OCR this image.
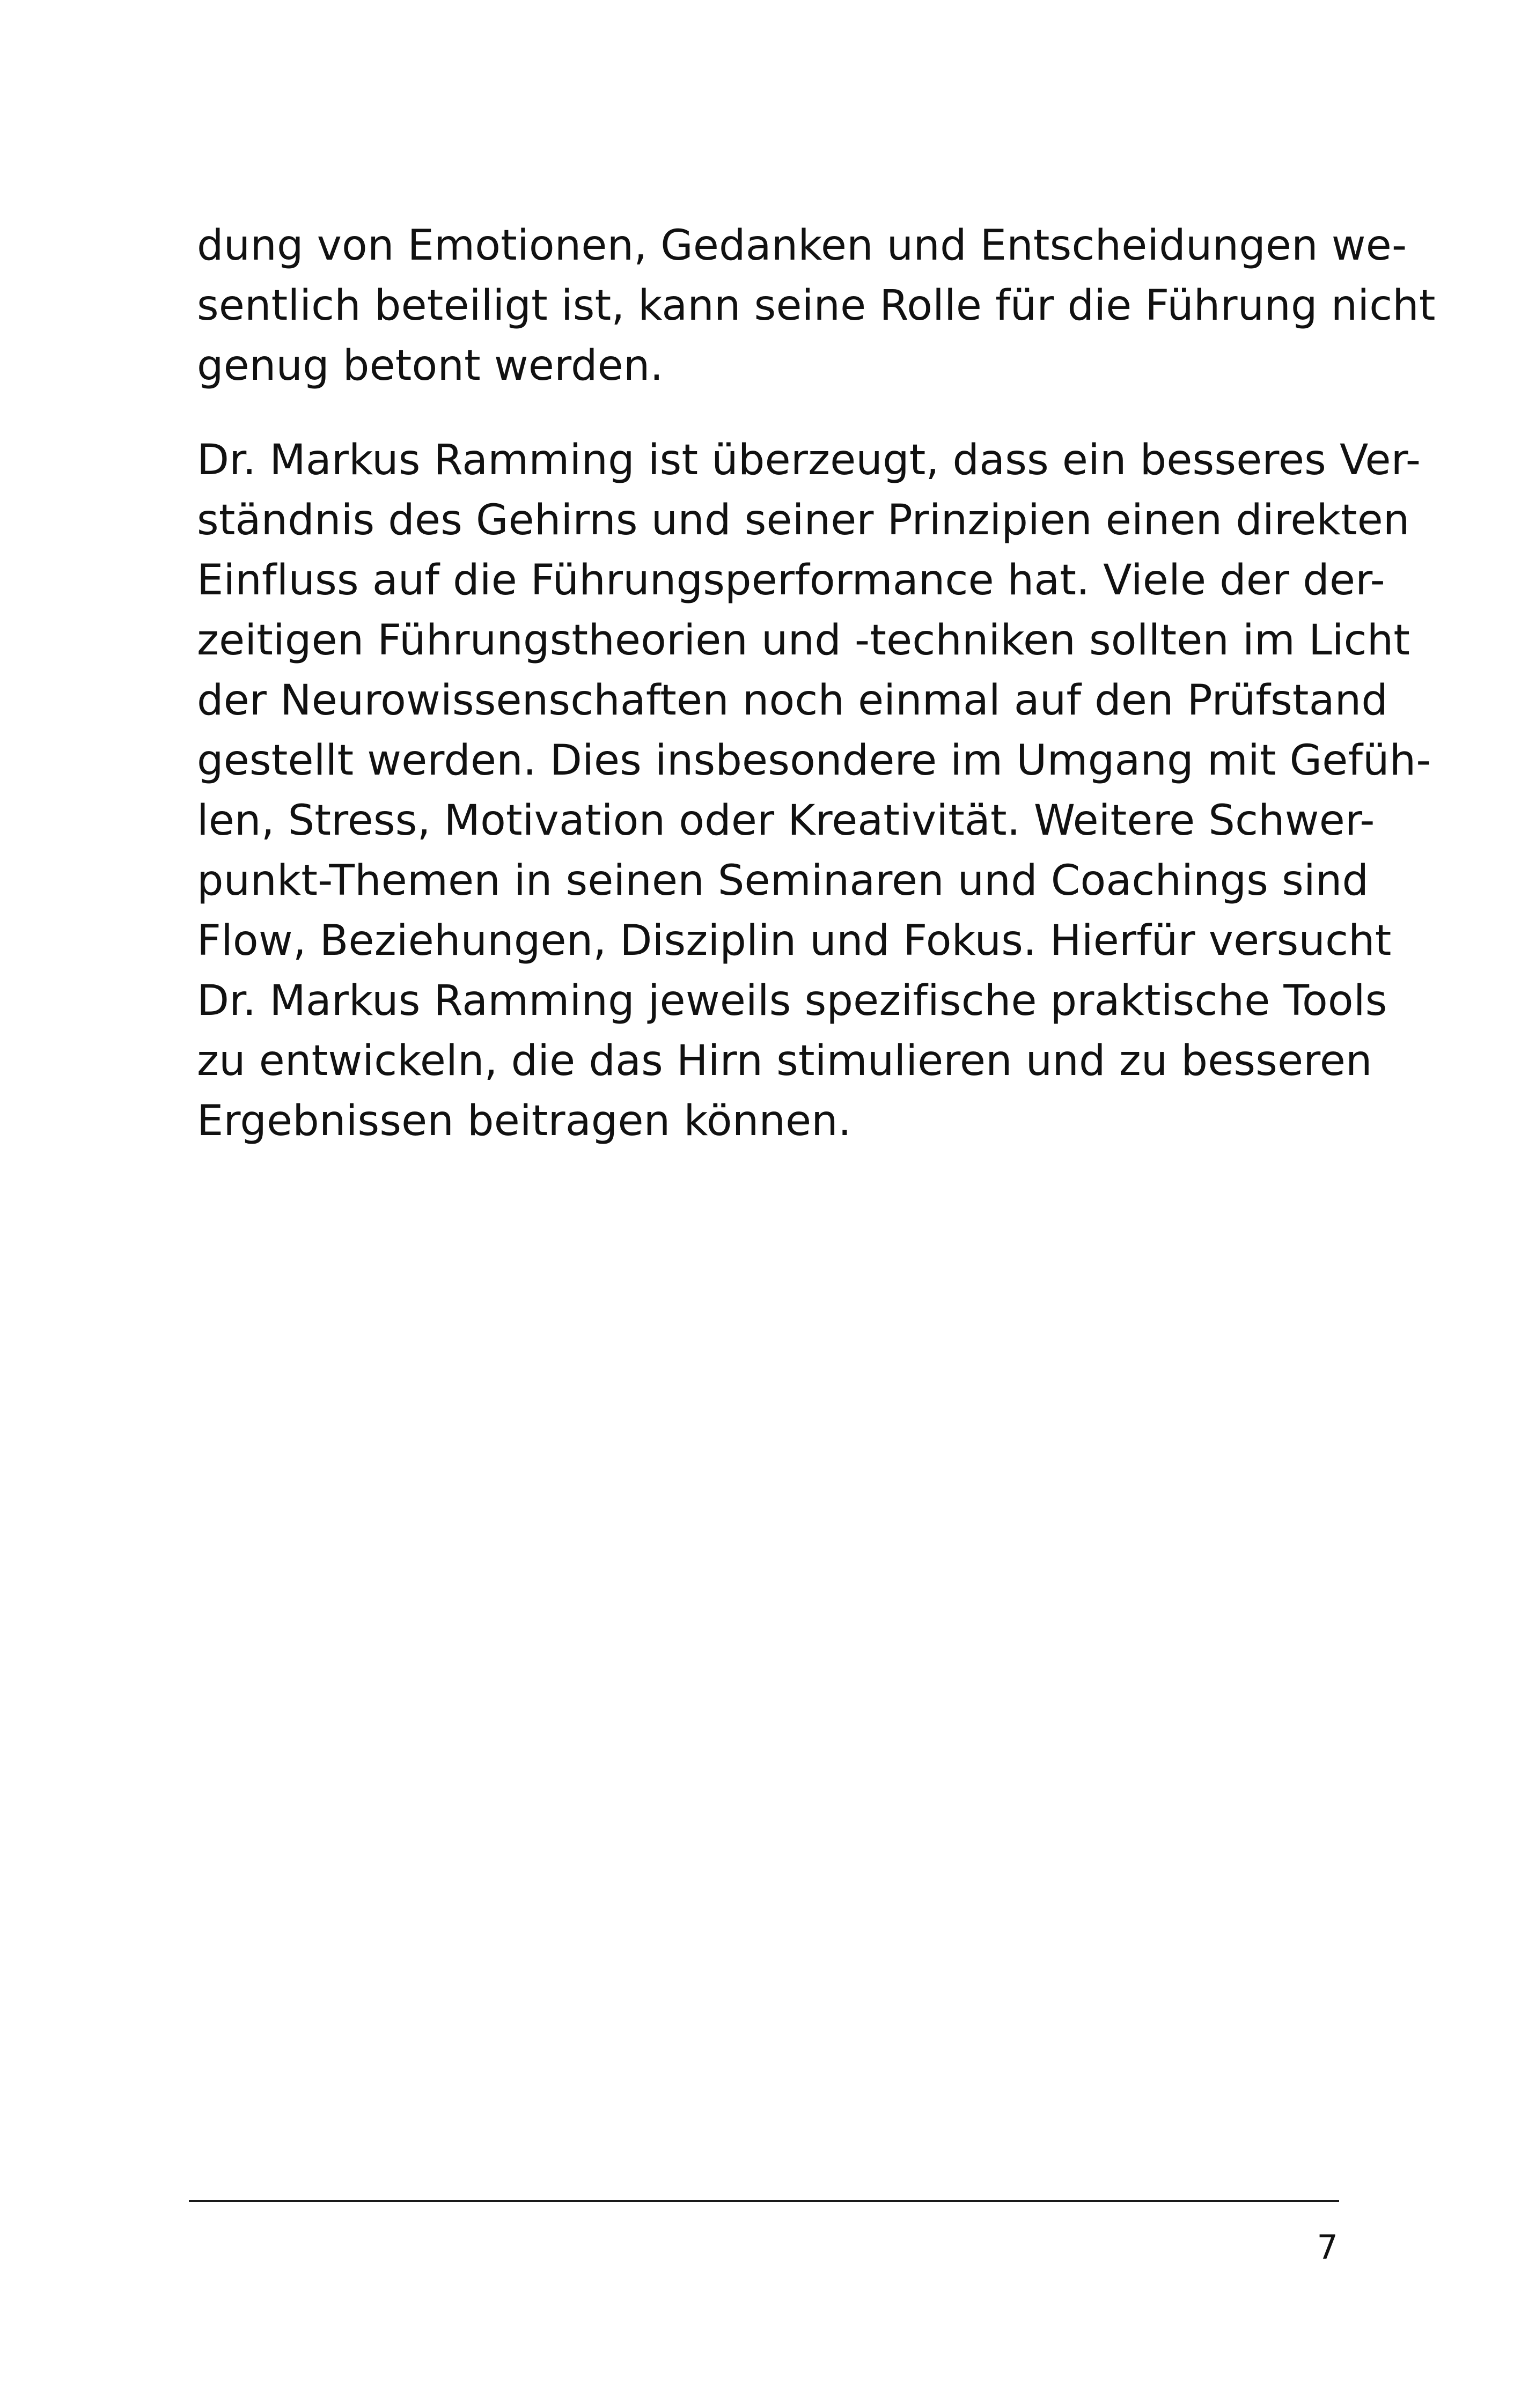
dung von Emotionen, Gedanken und Entscheidungen we-
sentlich beteiligt ist, kann seine Rolle für die Führung nicht
genug betont werden.
Dr. Markus Ramming ist überzeugt, dass ein besseres Ver-
ständnis des Gehirns und seiner Prinzipien einen direkten
Einfluss auf die Führungsperformance hat. Viele der der-
zeitigen Führungstheorien und -techniken sollten im Licht
der Neurowissenschaften noch einmal auf den Prüfstand
gestellt werden. Dies insbesondere im Umgang mit Gefüh-
len, Stress, Motivation oder Kreativität. Weitere Schwer-
punkt-Themen in seinen Seminaren und Coachings sind
Flow, Beziehungen, Disziplin und Fokus. Hierfür versucht
Dr. Markus Ramming jeweils spezifische praktische Tools
zu entwickeln, die das Hirn stimulieren und zu besseren
Ergebnissen beitragen können.
7
